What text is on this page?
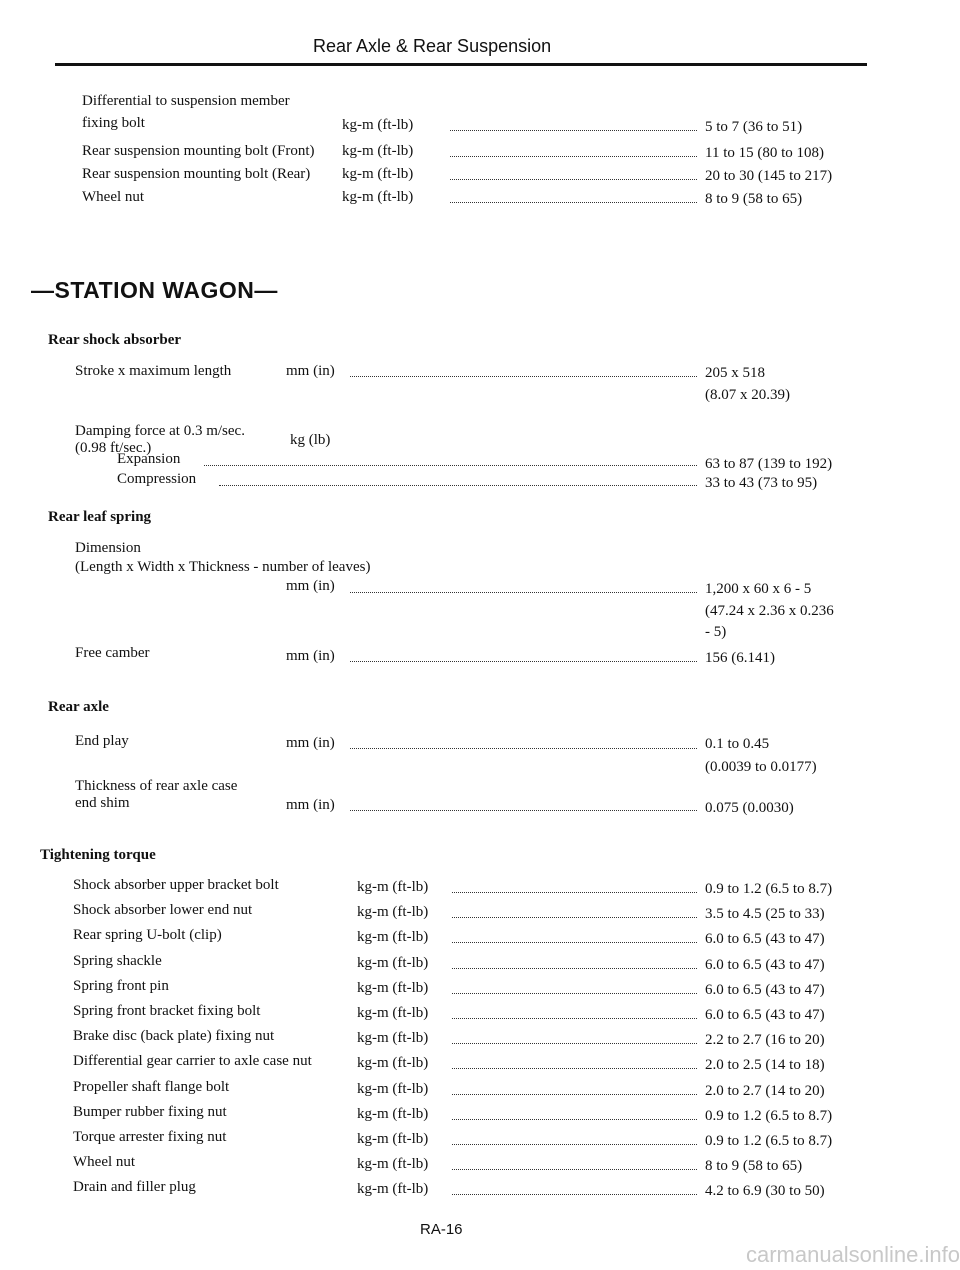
Rear Axle & Rear Suspension
Differential to suspension member
fixing bolt	kg-m (ft-lb)	5 to 7 (36 to 51)
Rear suspension mounting bolt (Front) kg-m (ft-lb)	11 to 15 (80 to 108)
Rear suspension mounting bolt (Rear) kg-m (ft-lb)	20 to 30 (145 to 217)
Wheel nut	kg-m (ft-lb)	8 to 9 (58 to 65)
—STATION WAGON—
Rear shock absorber
Stroke x maximum length	mm (in)	205 x 518
(8.07 x 20.39)
Damping force at 0.3 m/sec.
(0.98 ft/sec.)	kg (lb)
Expansion	63 to 87 (139 to 192)
Compression	33 to 43 (73 to 95)
Rear leaf spring
Dimension
(Length x Width x Thickness - number of leaves)
mm (in)	1,200 x 60 x 6 - 5
(47.24 x 2.36 x 0.236
- 5)
Free camber	mm (in)	156 (6.141)
Rear axle
End play	mm (in)	0.1 to 0.45
(0.0039 to 0.0177)
Thickness of rear axle case
end shim	mm (in)	0.075 (0.0030)
Tightening torque
Shock absorber upper bracket bolt	kg-m (ft-lb)	0.9 to 1.2 (6.5 to 8.7)
Shock absorber lower end nut	kg-m (ft-lb)	3.5 to 4.5 (25 to 33)
Rear spring U-bolt (clip)	kg-m (ft-lb)	6.0 to 6.5 (43 to 47)
Spring shackle	kg-m (ft-lb)	6.0 to 6.5 (43 to 47)
Spring front pin	kg-m (ft-lb)	6.0 to 6.5 (43 to 47)
Spring front bracket fixing bolt	kg-m (ft-lb)	6.0 to 6.5 (43 to 47)
Brake disc (back plate) fixing nut	kg-m (ft-lb)	2.2 to 2.7 (16 to 20)
Differential gear carrier to axle case nut	kg-m (ft-lb)	2.0 to 2.5 (14 to 18)
Propeller shaft flange bolt	kg-m (ft-lb)	2.0 to 2.7 (14 to 20)
Bumper rubber fixing nut	kg-m (ft-lb)	0.9 to 1.2 (6.5 to 8.7)
Torque arrester fixing nut	kg-m (ft-lb)	0.9 to 1.2 (6.5 to 8.7)
Wheel nut	kg-m (ft-lb)	8 to 9 (58 to 65)
Drain and filler plug	kg-m (ft-lb)	4.2 to 6.9 (30 to 50)
RA-16
carmanualsonline.info
